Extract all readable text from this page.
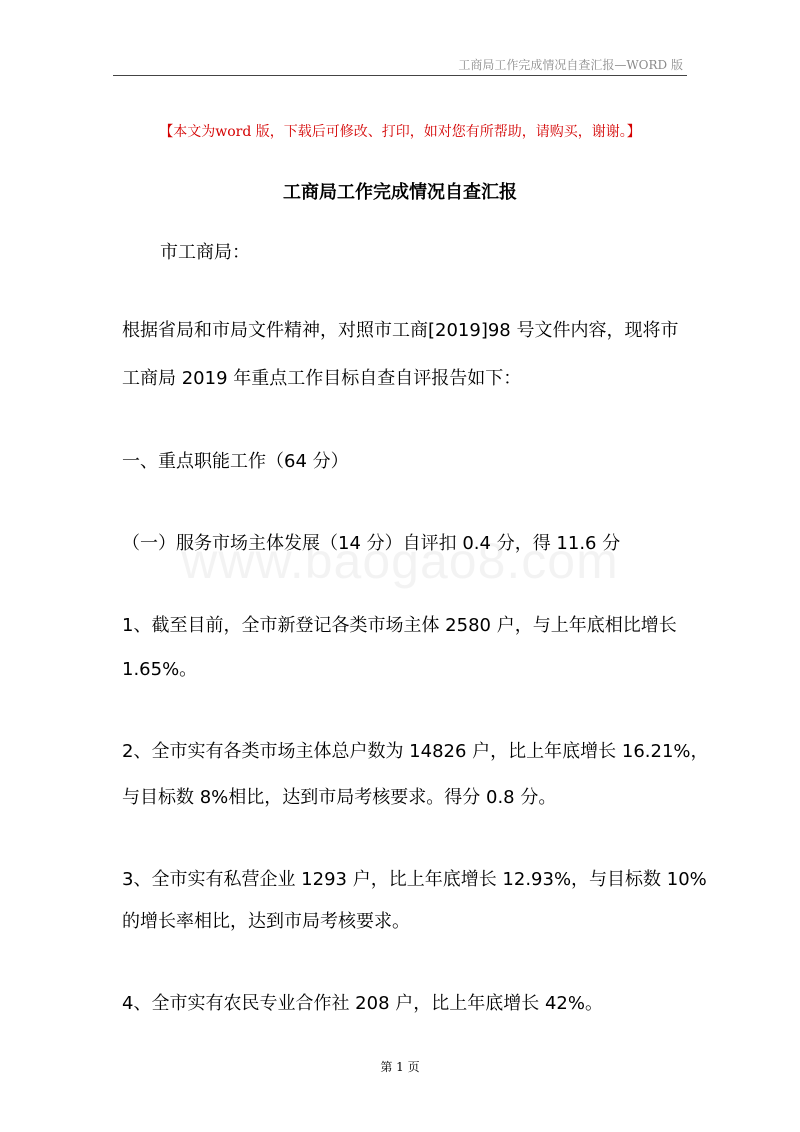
工商局工作完成情况自查汇报—WORD 版
【本文为word 版，下载后可修改、打印，如对您有所帮助，请购买，谢谢。】
工商局工作完成情况自查汇报
市工商局：
根据省局和市局文件精神，对照市工商[2019]98 号文件内容，现将市
工商局 2019 年重点工作目标自查自评报告如下：
一、重点职能工作（64 分）
（一）服务市场主体发展（14 分）自评扣 0.4 分，得 11.6 分
1、截至目前，全市新登记各类市场主体 2580 户，与上年底相比增长
1.65%。
2、全市实有各类市场主体总户数为 14826 户，比上年底增长 16.21%，
与目标数 8%相比，达到市局考核要求。得分 0.8 分。
3、全市实有私营企业 1293 户，比上年底增长 12.93%，与目标数 10%
的增长率相比，达到市局考核要求。
4、全市实有农民专业合作社 208 户，比上年底增长 42%。
第 1 页
